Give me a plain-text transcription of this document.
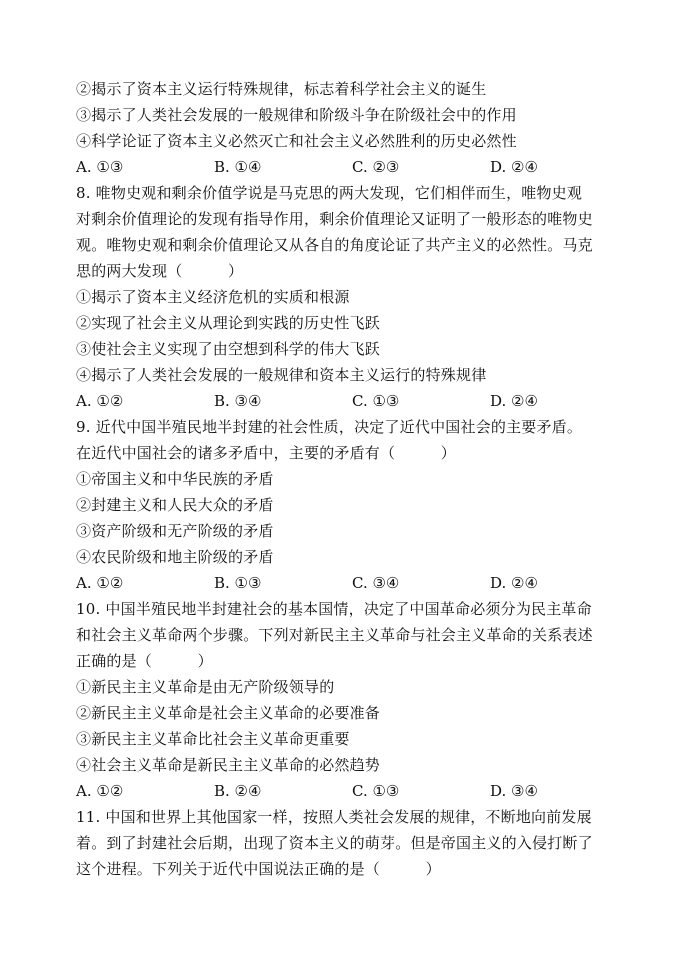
②揭示了资本主义运行特殊规律，标志着科学社会主义的诞生
③揭示了人类社会发展的一般规律和阶级斗争在阶级社会中的作用
④科学论证了资本主义必然灭亡和社会主义必然胜利的历史必然性
A. ①③	B. ①④	C. ②③	D. ②④
8. 唯物史观和剩余价值学说是马克思的两大发现，它们相伴而生，唯物史观
对剩余价值理论的发现有指导作用，剩余价值理论又证明了一般形态的唯物史
观。唯物史观和剩余价值理论又从各自的角度论证了共产主义的必然性。马克
思的两大发现（　　　）
①揭示了资本主义经济危机的实质和根源
②实现了社会主义从理论到实践的历史性飞跃
③使社会主义实现了由空想到科学的伟大飞跃
④揭示了人类社会发展的一般规律和资本主义运行的特殊规律
A. ①②	B. ③④	C. ①③	D. ②④
9. 近代中国半殖民地半封建的社会性质，决定了近代中国社会的主要矛盾。
在近代中国社会的诸多矛盾中，主要的矛盾有（　　　）
①帝国主义和中华民族的矛盾
②封建主义和人民大众的矛盾
③资产阶级和无产阶级的矛盾
④农民阶级和地主阶级的矛盾
A. ①②	B. ①③	C. ③④	D. ②④
10. 中国半殖民地半封建社会的基本国情，决定了中国革命必须分为民主革命
和社会主义革命两个步骤。下列对新民主主义革命与社会主义革命的关系表述
正确的是（　　　）
①新民主主义革命是由无产阶级领导的
②新民主主义革命是社会主义革命的必要准备
③新民主主义革命比社会主义革命更重要
④社会主义革命是新民主主义革命的必然趋势
A. ①②	B. ②④	C. ①③	D. ③④
11. 中国和世界上其他国家一样，按照人类社会发展的规律，不断地向前发展
着。到了封建社会后期，出现了资本主义的萌芽。但是帝国主义的入侵打断了
这个进程。下列关于近代中国说法正确的是（　　　）
